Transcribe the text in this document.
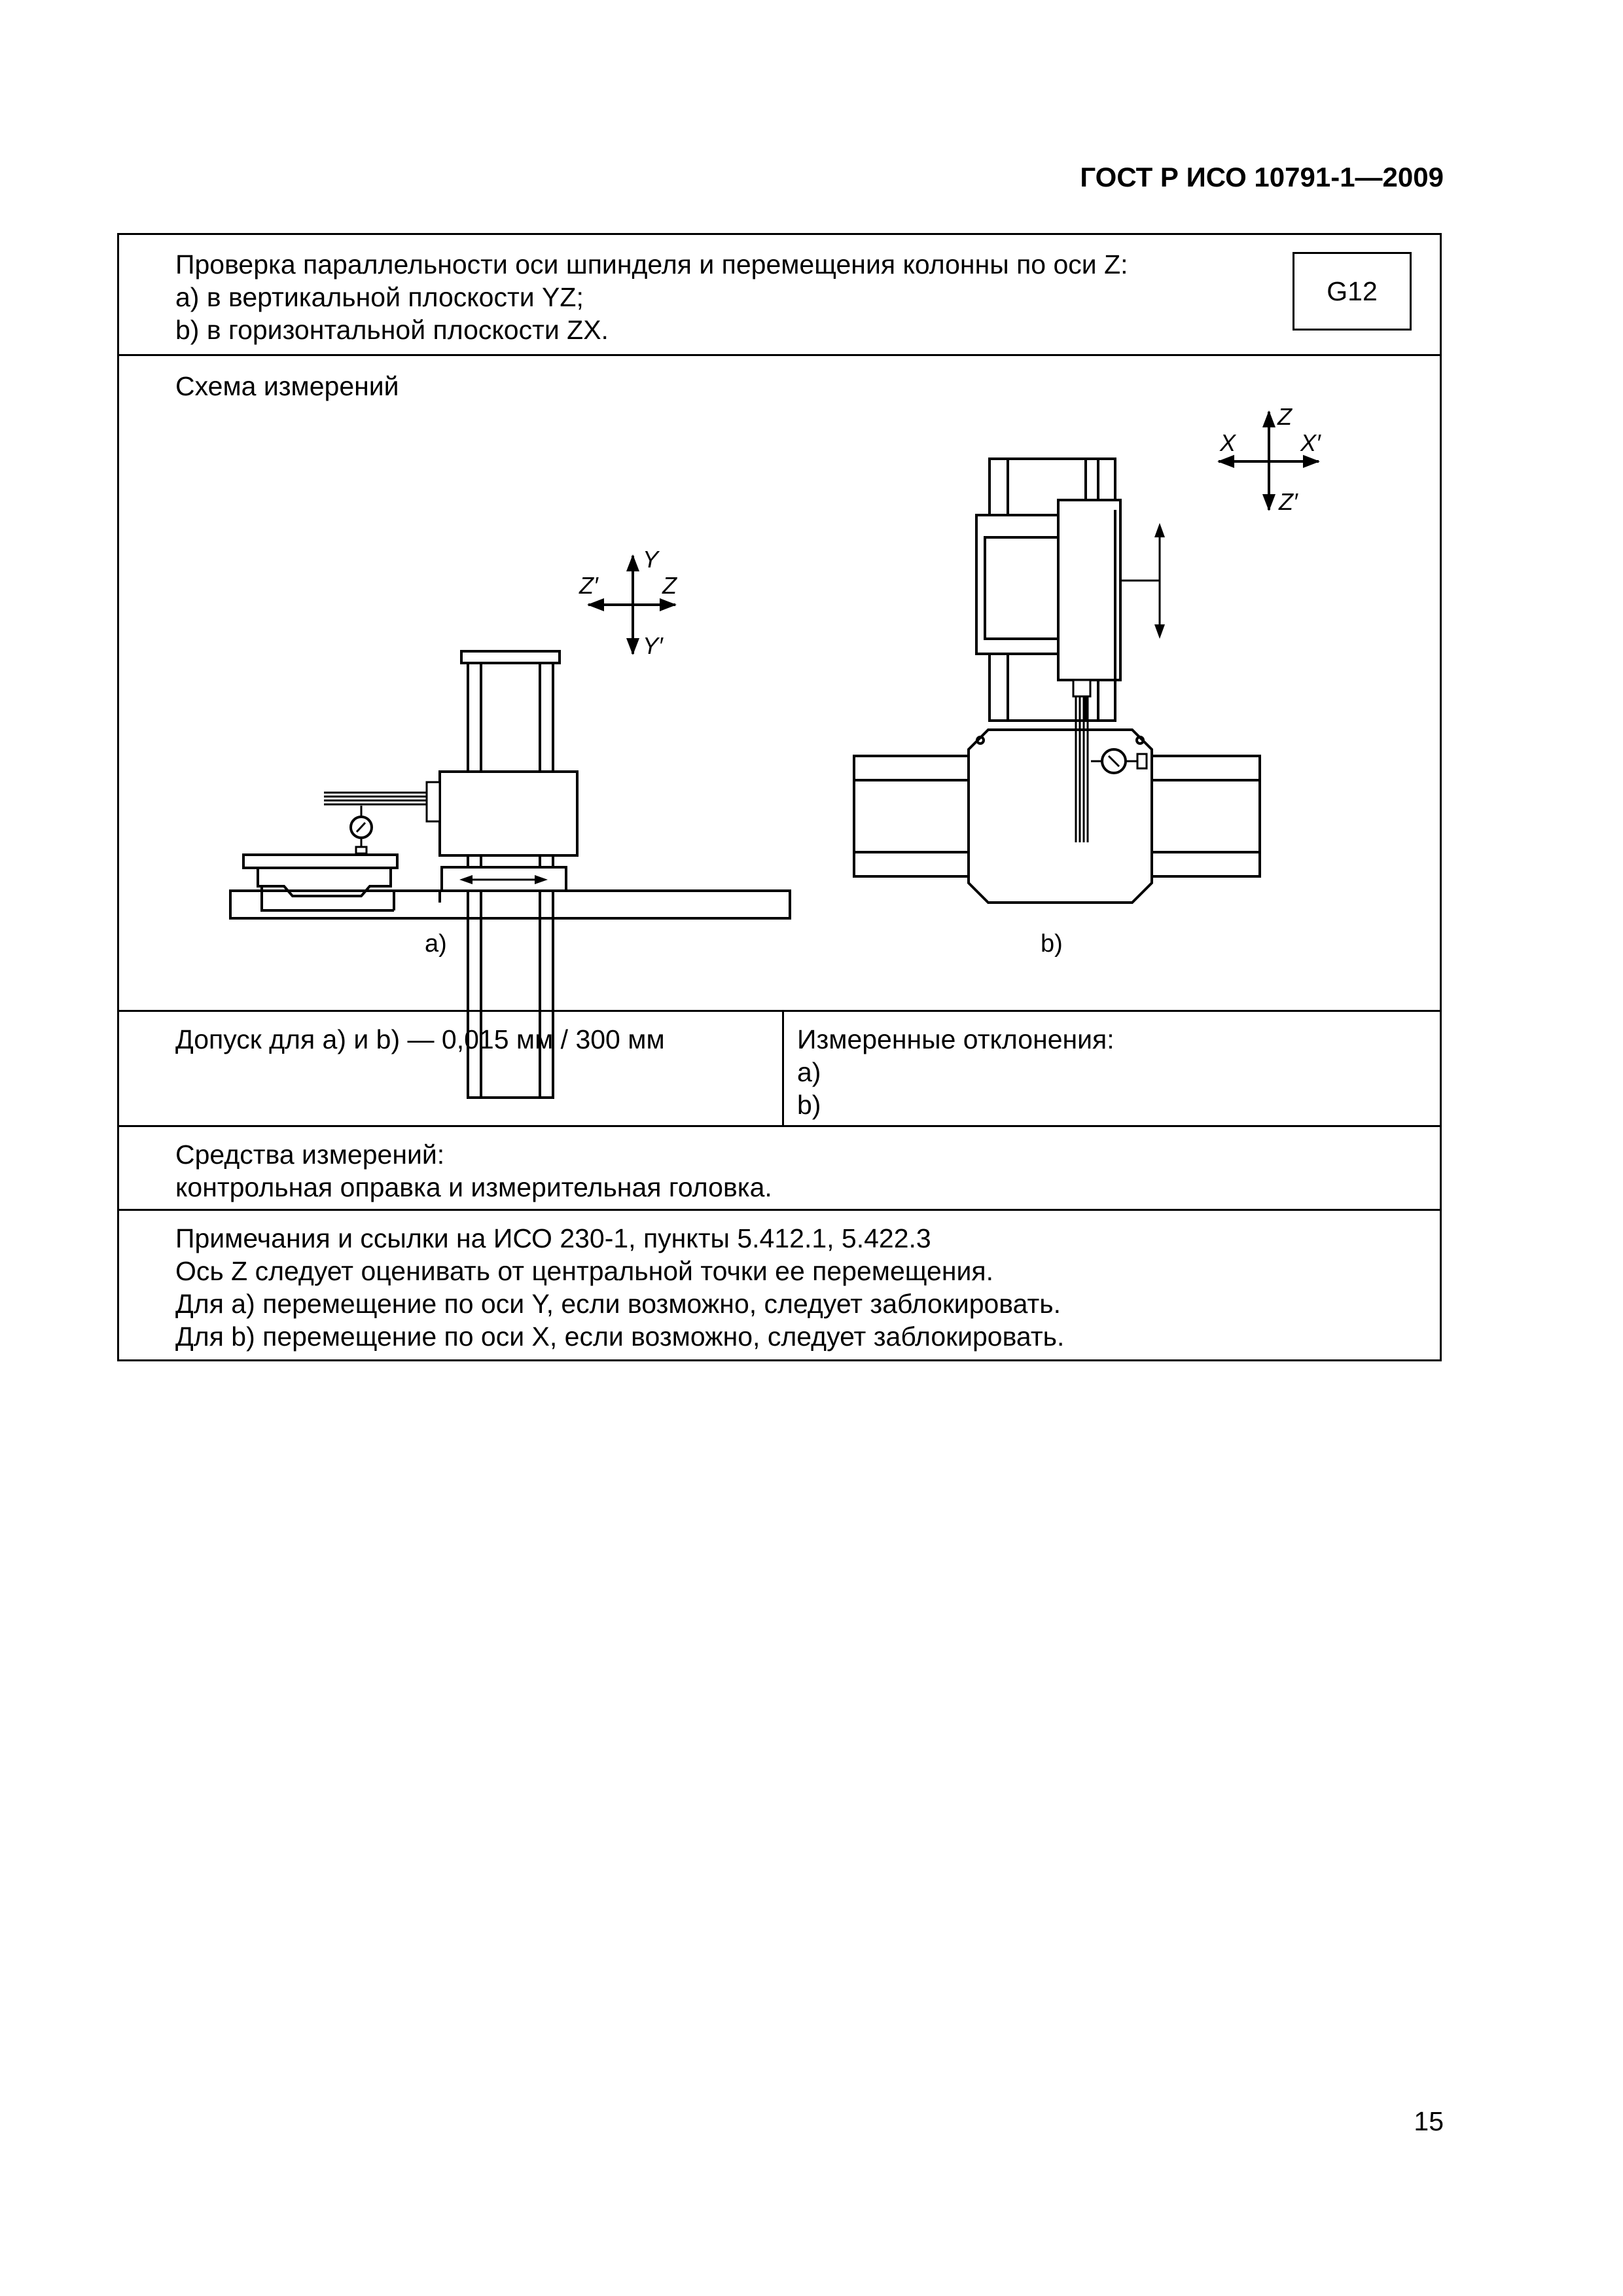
ГОСТ Р ИСО 10791-1—2009
Проверка параллельности оси шпинделя и перемещения колонны по оси Z:
a) в вертикальной плоскости YZ;
b) в горизонтальной плоскости ZX.
G12
Схема измерений
Y
Y′
Z′	Z
a)
Z
Z′
X	X′
b)
Допуск для a) и b) — 0,015 мм / 300 мм	Измеренные отклонения:
a)
b)
Средства измерений:
контрольная оправка и измерительная головка.
Примечания и ссылки на ИСО 230-1, пункты 5.412.1, 5.422.3
Ось Z следует оценивать от центральной точки ее перемещения.
Для a) перемещение по оси Y, если возможно, следует заблокировать.
Для b) перемещение по оси X, если возможно, следует заблокировать.
15
